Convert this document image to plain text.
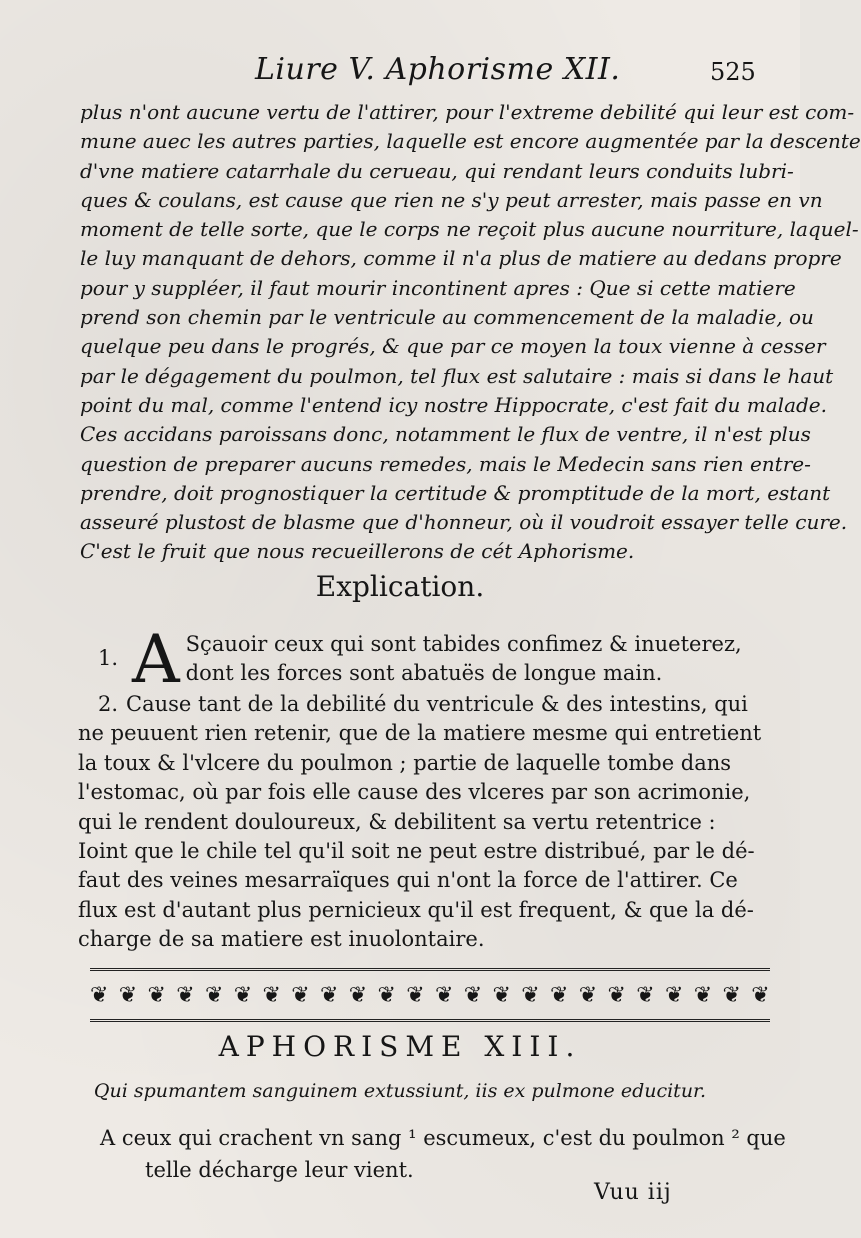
Liure V. Aphorisme XII.	525
plus n'ont aucune vertu de l'attirer, pour l'extreme debilité qui leur est com-
mune auec les autres parties, laquelle est encore augmentée par la descente
d'vne matiere catarrhale du cerueau, qui rendant leurs conduits lubri-
ques & coulans, est cause que rien ne s'y peut arrester, mais passe en vn
moment de telle sorte, que le corps ne reçoit plus aucune nourriture, laquel-
le luy manquant de dehors, comme il n'a plus de matiere au dedans propre
pour y suppléer, il faut mourir incontinent apres : Que si cette matiere
prend son chemin par le ventricule au commencement de la maladie, ou
quelque peu dans le progrés, & que par ce moyen la toux vienne à cesser
par le dégagement du poulmon, tel flux est salutaire : mais si dans le haut
point du mal, comme l'entend icy nostre Hippocrate, c'est fait du malade.
Ces accidans paroissans donc, notamment le flux de ventre, il n'est plus
question de preparer aucuns remedes, mais le Medecin sans rien entre-
prendre, doit prognostiquer la certitude & promptitude de la mort, estant
asseuré plustost de blasme que d'honneur, où il voudroit essayer telle cure.
C'est le fruit que nous recueillerons de cét Aphorisme.
Explication.
1. A Sçauoir ceux qui sont tabides confimez & inueterez,
dont les forces sont abatuës de longue main.
2. Cause tant de la debilité du ventricule & des intestins, qui
ne peuuent rien retenir, que de la matiere mesme qui entretient
la toux & l'vlcere du poulmon ; partie de laquelle tombe dans
l'estomac, où par fois elle cause des vlceres par son acrimonie,
qui le rendent douloureux, & debilitent sa vertu retentrice :
Ioint que le chile tel qu'il soit ne peut estre distribué, par le dé-
faut des veines mesarraïques qui n'ont la force de l'attirer. Ce
flux est d'autant plus pernicieux qu'il est frequent, & que la dé-
charge de sa matiere est inuolontaire.
❦ ❦ ❦ ❦ ❦ ❦ ❦ ❦ ❦ ❦ ❦ ❦ ❦ ❦ ❦ ❦ ❦ ❦ ❦ ❦ ❦ ❦ ❦ ❦
APHORISME XIII.
Qui spumantem sanguinem extussiunt, iis ex pulmone educitur.
A ceux qui crachent vn sang ¹ escumeux, c'est du poulmon ² que
telle décharge leur vient.
Vuu iij
